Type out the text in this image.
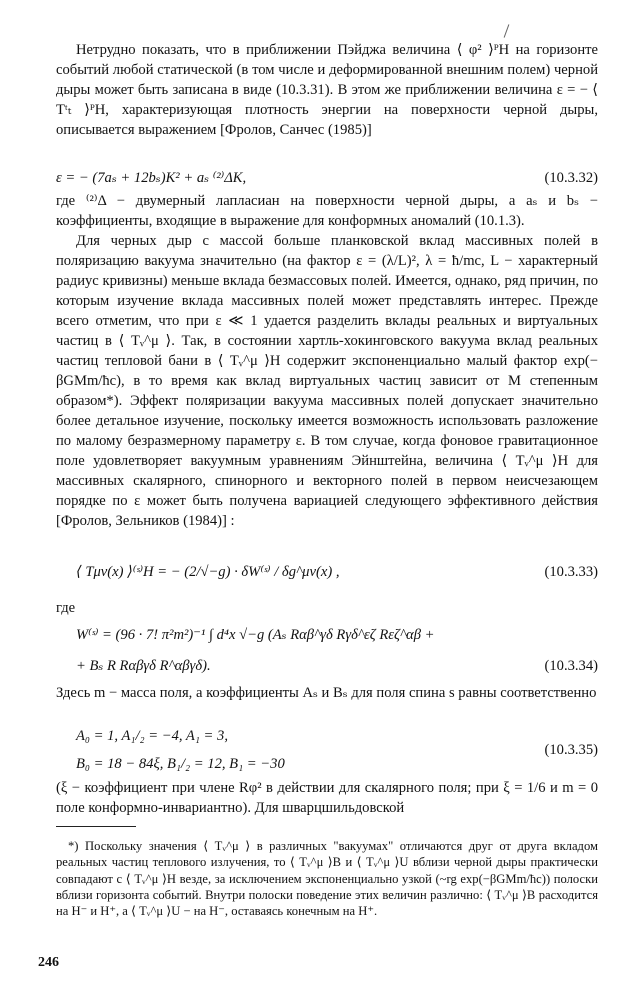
Нетрудно показать, что в приближении Пэйджа величина ⟨ φ² ⟩ᴾH на горизонте событий любой статической (в том числе и деформированной внешним полем) черной дыры может быть записана в виде (10.3.31). В этом же приближении величина ε = − ⟨ Tᵗₜ ⟩ᴾH, характеризующая плотность энергии на поверхности черной дыры, описывается выражением [Фролов, Санчес (1985)]

ε = − (7aₛ + 12bₛ)K² + aₛ ⁽²⁾ΔK,	(10.3.32)

где ⁽²⁾Δ − двумерный лапласиан на поверхности черной дыры, а aₛ и bₛ − коэффициенты, входящие в выражение для конформных аномалий (10.1.3).

Для черных дыр с массой больше планковской вклад массивных полей в поляризацию вакуума значительно (на фактор ε = (λ/L)², λ = ħ/mc, L − характерный радиус кривизны) меньше вклада безмассовых полей. Имеется, однако, ряд причин, по которым изучение вклада массивных полей может представлять интерес. Прежде всего отметим, что при ε ≪ 1 удается разделить вклады реальных и виртуальных частиц в ⟨ Tᵥ^μ ⟩. Так, в состоянии хартль-хокинговского вакуума вклад реальных частиц тепловой бани в ⟨ Tᵥ^μ ⟩H содержит экспоненциально малый фактор exp(− βGMm/ħc), в то время как вклад виртуальных частиц зависит от M степенным образом*). Эффект поляризации вакуума массивных полей допускает значительно более детальное изучение, поскольку имеется возможность использовать разложение по малому безразмерному параметру ε. В том случае, когда фоновое гравитационное поле удовлетворяет вакуумным уравнениям Эйнштейна, величина ⟨ Tᵥ^μ ⟩H для массивных скалярного, спинорного и векторного полей в первом неисчезающем порядке по ε может быть получена вариацией следующего эффективного действия [Фролов, Зельников (1984)] :

⟨ Tμν(x) ⟩⁽ˢ⁾H = − (2/√−g) · δW⁽ˢ⁾ / δg^μν(x) ,	(10.3.33)

где

W⁽ˢ⁾ = (96 · 7! π²m²)⁻¹ ∫ d⁴x √−g (Aₛ Rαβ^γδ Rγδ^εζ Rεζ^αβ +
+ Bₛ R Rαβγδ R^αβγδ).	(10.3.34)

Здесь m − масса поля, а коэффициенты Aₛ и Bₛ для поля спина s равны соответственно

A₀ = 1, A₁/₂ = −4, A₁ = 3,
B₀ = 18 − 84ξ, B₁/₂ = 12, B₁ = −30
(10.3.35)

(ξ − коэффициент при члене Rφ² в действии для скалярного поля; при ξ = 1/6 и m = 0 поле конформно-инвариантно). Для шварцшильдовской

*) Поскольку значения ⟨ Tᵥ^μ ⟩ в различных "вакуумах" отличаются друг от друга вкладом реальных частиц теплового излучения, то ⟨ Tᵥ^μ ⟩B и ⟨ Tᵥ^μ ⟩U вблизи черной дыры практически совпадают с ⟨ Tᵥ^μ ⟩H везде, за исключением экспоненциально узкой (~rg exp(−βGMm/ħc)) полоски вблизи горизонта событий. Внутри полоски поведение этих величин различно: ⟨ Tᵥ^μ ⟩B расходится на H⁻ и H⁺, а ⟨ Tᵥ^μ ⟩U − на H⁻, оставаясь конечным на H⁺.

246
